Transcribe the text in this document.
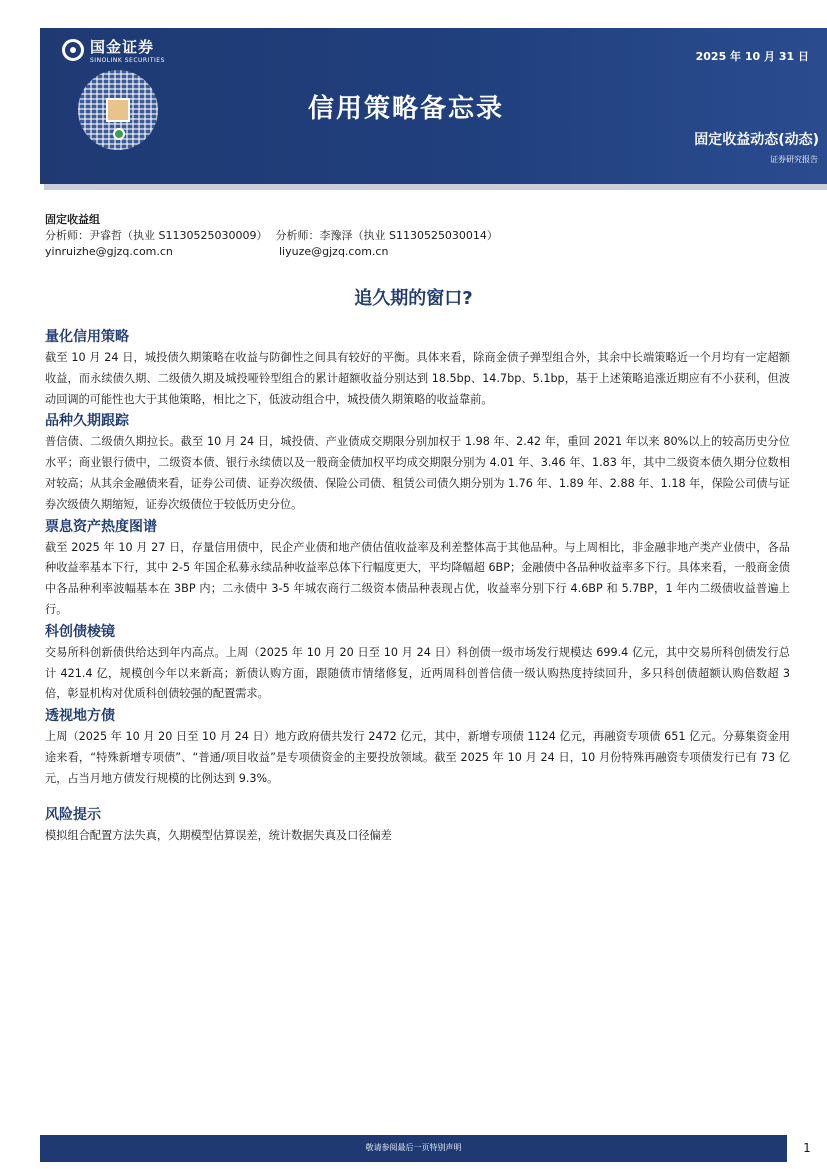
国金证券
SINOLINK SECURITIES	2025 年 10 月 31 日
信用策略备忘录
固定收益动态(动态)
证券研究报告
固定收益组
分析师：尹睿哲（执业 S1130525030009） 分析师：李豫泽（执业 S1130525030014）
yinruizhe@gjzq.com.cn	liyuze@gjzq.com.cn
追久期的窗口?
量化信用策略

截至 10 月 24 日，城投债久期策略在收益与防御性之间具有较好的平衡。具体来看，除商金债子弹型组合外，其余中长端策略近一个月均有一定超额收益，而永续债久期、二级债久期及城投哑铃型组合的累计超额收益分别达到 18.5bp、14.7bp、5.1bp，基于上述策略追涨近期应有不小获利，但波动回调的可能性也大于其他策略，相比之下，低波动组合中，城投债久期策略的收益靠前。

品种久期跟踪

普信债、二级债久期拉长。截至 10 月 24 日，城投债、产业债成交期限分别加权于 1.98 年、2.42 年，重回 2021 年以来 80%以上的较高历史分位水平；商业银行债中，二级资本债、银行永续债以及一般商金债加权平均成交期限分别为 4.01 年、3.46 年、1.83 年，其中二级资本债久期分位数相对较高；从其余金融债来看，证券公司债、证券次级债、保险公司债、租赁公司债久期分别为 1.76 年、1.89 年、2.88 年、1.18 年，保险公司债与证券次级债久期缩短，证券次级债位于较低历史分位。

票息资产热度图谱

截至 2025 年 10 月 27 日，存量信用债中，民企产业债和地产债估值收益率及利差整体高于其他品种。与上周相比，非金融非地产类产业债中，各品种收益率基本下行，其中 2-5 年国企私募永续品种收益率总体下行幅度更大，平均降幅超 6BP；金融债中各品种收益率多下行。具体来看，一般商金债中各品种利率波幅基本在 3BP 内；二永债中 3-5 年城农商行二级资本债品种表现占优，收益率分别下行 4.6BP 和 5.7BP，1 年内二级债收益普遍上行。

科创债棱镜

交易所科创新债供给达到年内高点。上周（2025 年 10 月 20 日至 10 月 24 日）科创债一级市场发行规模达 699.4 亿元，其中交易所科创债发行总计 421.4 亿，规模创今年以来新高；新债认购方面，跟随债市情绪修复，近两周科创普信债一级认购热度持续回升，多只科创债超额认购倍数超 3 倍，彰显机构对优质科创债较强的配置需求。

透视地方债

上周（2025 年 10 月 20 日至 10 月 24 日）地方政府债共发行 2472 亿元，其中，新增专项债 1124 亿元，再融资专项债 651 亿元。分募集资金用途来看，“特殊新增专项债”、“普通/项目收益”是专项债资金的主要投放领域。截至 2025 年 10 月 24 日，10 月份特殊再融资专项债发行已有 73 亿元，占当月地方债发行规模的比例达到 9.3%。

风险提示

模拟组合配置方法失真，久期模型估算误差，统计数据失真及口径偏差

敬请参阅最后一页特别声明	1
